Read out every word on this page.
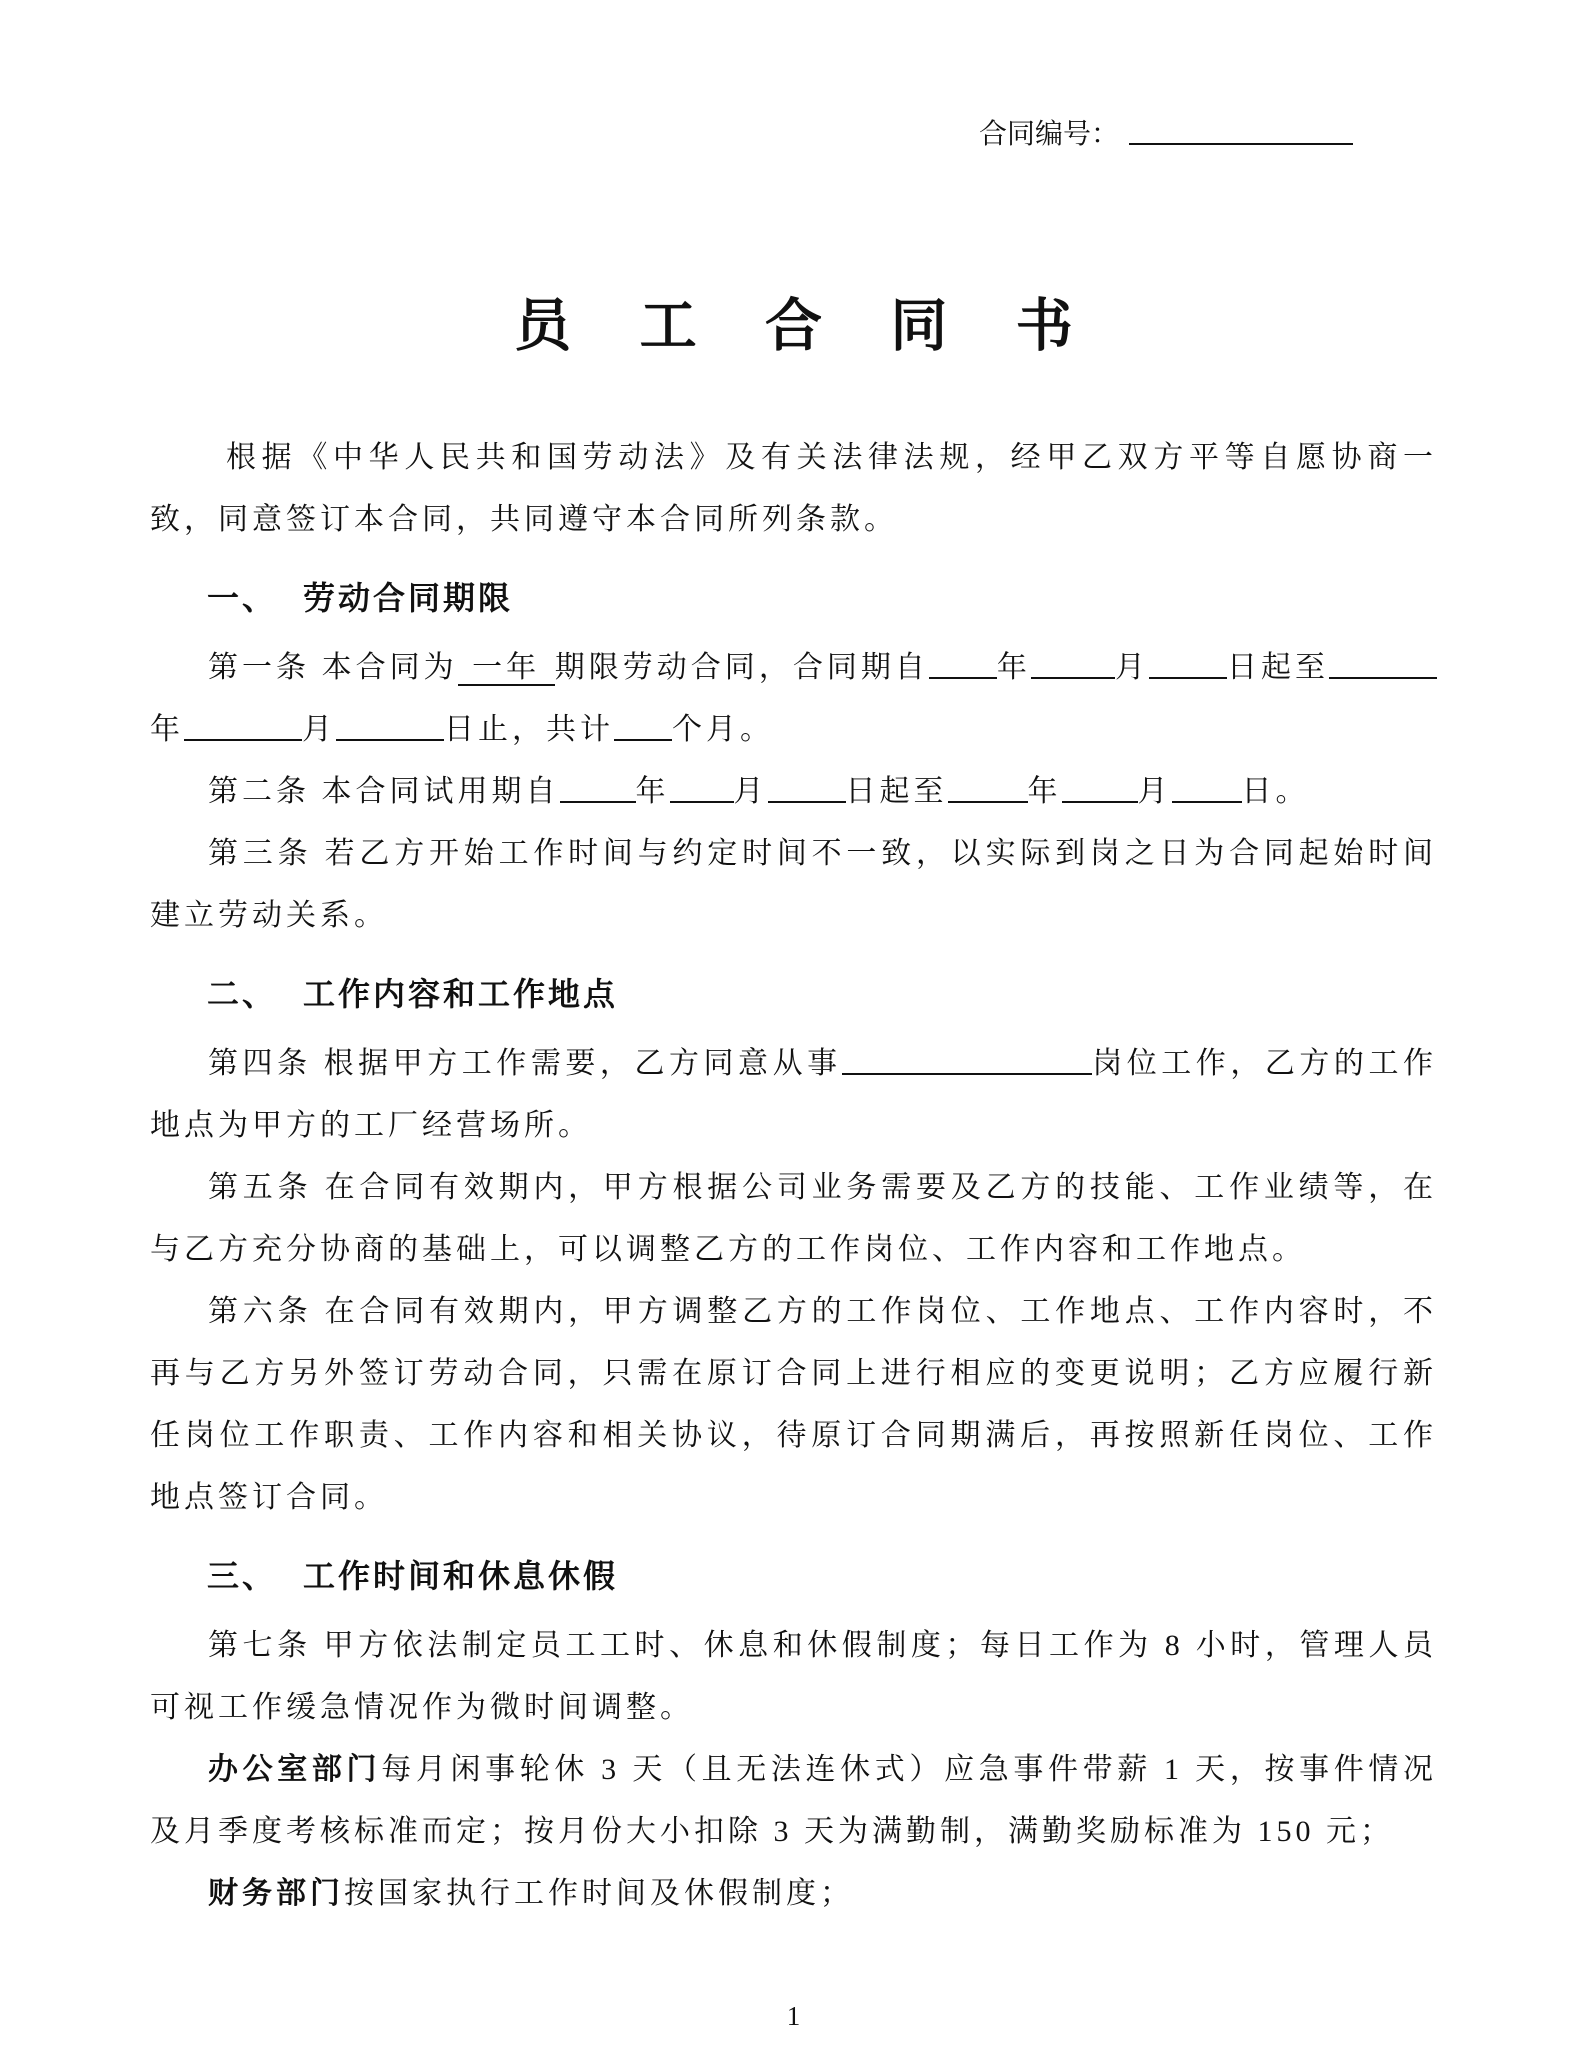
合同编号：
员工合同书

根据《中华人民共和国劳动法》及有关法律法规，经甲乙双方平等自愿协商一致，同意签订本合同，共同遵守本合同所列条款。

一、 劳动合同期限

第一条 本合同为 一年 期限劳动合同，合同期自 年	月	日起至年	月	日止，共计 个月。

第二条 本合同试用期自	年 月	日起至	年	月 日。

第三条 若乙方开始工作时间与约定时间不一致，以实际到岗之日为合同起始时间建立劳动关系。

二、 工作内容和工作地点

第四条 根据甲方工作需要，乙方同意从事	岗位工作，乙方的工作地点为甲方的工厂经营场所。

第五条 在合同有效期内，甲方根据公司业务需要及乙方的技能、工作业绩等，在与乙方充分协商的基础上，可以调整乙方的工作岗位、工作内容和工作地点。

第六条 在合同有效期内，甲方调整乙方的工作岗位、工作地点、工作内容时，不再与乙方另外签订劳动合同，只需在原订合同上进行相应的变更说明；乙方应履行新任岗位工作职责、工作内容和相关协议，待原订合同期满后，再按照新任岗位、工作地点签订合同。

三、 工作时间和休息休假

第七条 甲方依法制定员工工时、休息和休假制度；每日工作为 8 小时，管理人员可视工作缓急情况作为微时间调整。

办公室部门每月闲事轮休 3 天（且无法连休式）应急事件带薪 1 天，按事件情况及月季度考核标准而定；按月份大小扣除 3 天为满勤制，满勤奖励标准为 150 元；

财务部门按国家执行工作时间及休假制度；

1
